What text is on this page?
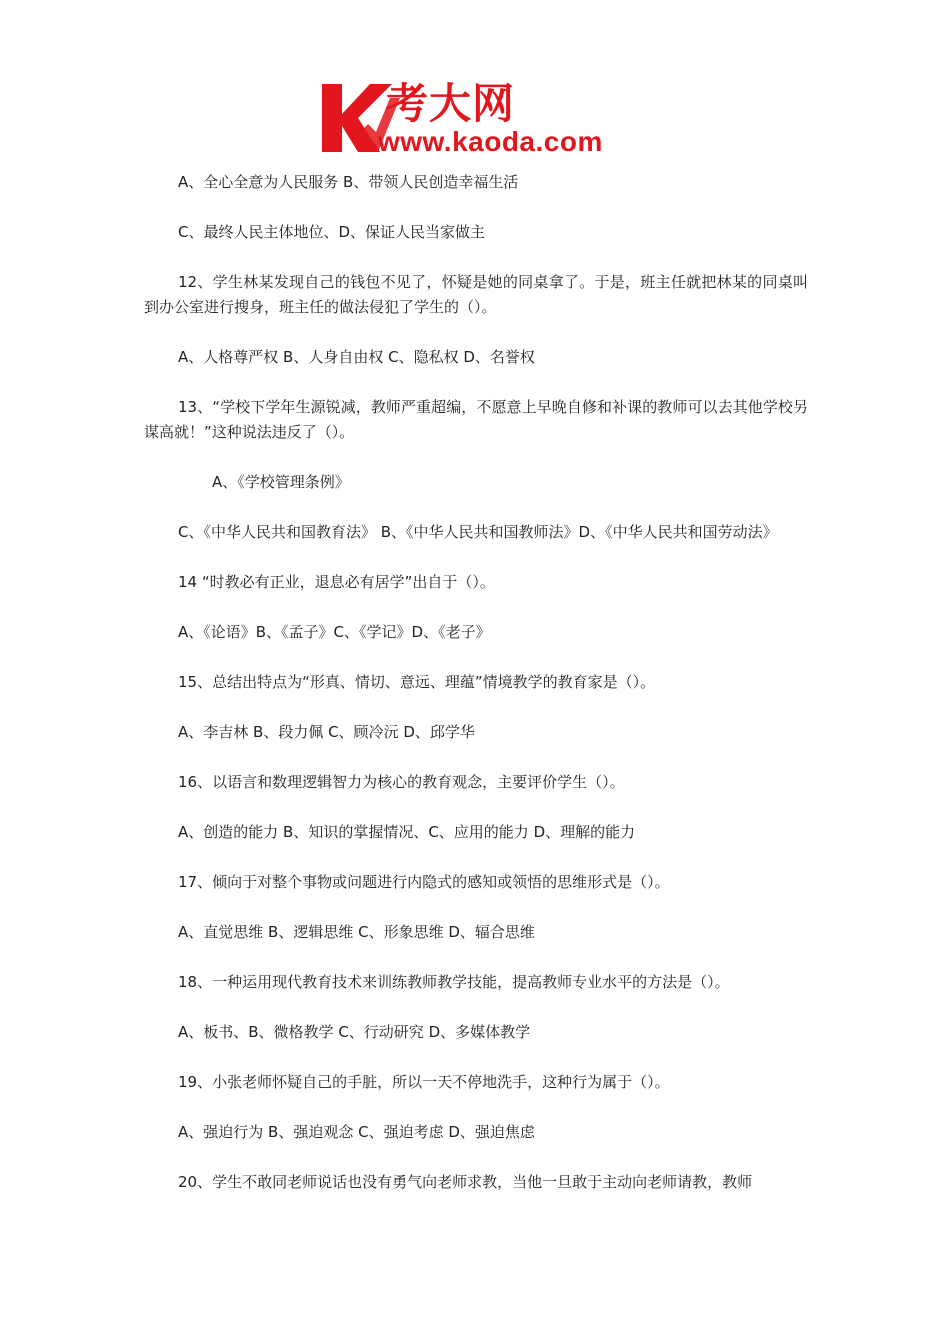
考大网
www.kaoda.com

A、全心全意为人民服务 B、带领人民创造幸福生活

C、最终人民主体地位、D、保证人民当家做主

12、学生林某发现自己的钱包不见了，怀疑是她的同桌拿了。于是，班主任就把林某的同桌叫到办公室进行搜身，班主任的做法侵犯了学生的（）。

A、人格尊严权 B、人身自由权 C、隐私权 D、名誉权

13、“学校下学年生源锐减，教师严重超编，不愿意上早晚自修和补课的教师可以去其他学校另谋高就！”这种说法违反了（）。

A、《学校管理条例》

C、《中华人民共和国教育法》 B、《中华人民共和国教师法》D、《中华人民共和国劳动法》

14 “时教必有正业，退息必有居学”出自于（）。

A、《论语》B、《孟子》C、《学记》D、《老子》

15、总结出特点为“形真、情切、意远、理蕴”情境教学的教育家是（）。

A、李吉林 B、段力佩 C、顾冷沅 D、邱学华

16、以语言和数理逻辑智力为核心的教育观念，主要评价学生（）。

A、创造的能力 B、知识的掌握情况、C、应用的能力 D、理解的能力

17、倾向于对整个事物或问题进行内隐式的感知或领悟的思维形式是（）。

A、直觉思维 B、逻辑思维 C、形象思维 D、辐合思维

18、一种运用现代教育技术来训练教师教学技能，提高教师专业水平的方法是（）。

A、板书、B、微格教学 C、行动研究 D、多媒体教学

19、小张老师怀疑自己的手脏，所以一天不停地洗手，这种行为属于（）。

A、强迫行为 B、强迫观念 C、强迫考虑 D、强迫焦虑

20、学生不敢同老师说话也没有勇气向老师求教，当他一旦敢于主动向老师请教，教师
